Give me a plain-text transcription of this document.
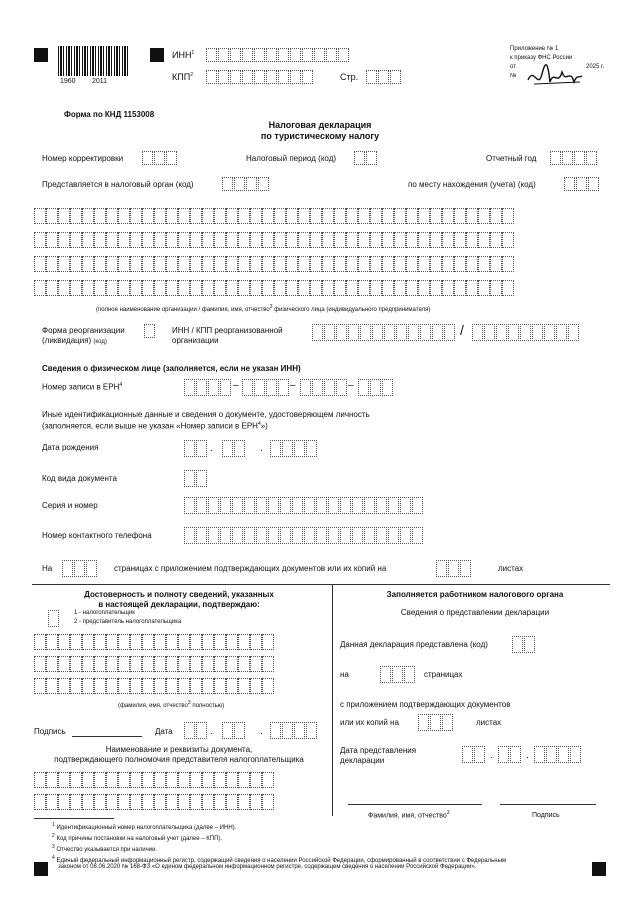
1960 2011
ИНН$^1$
КПП$^2$	Стр.
Приложение № 1
к приказу ФНС России
от	2025 г.
№
Форма по КНД 1153008
Налоговая декларация
по туристическому налогу
Номер корректировки	Налоговый период (код)	Отчетный год
Представляется в налоговый орган (код)	по месту нахождения (учета) (код)
(полное наименование организации / фамилия, имя, отчество$^3$ физического лица (индивидуального предпринимателя)
Форма реорганизации
(ликвидация) (код)
ИНН / КПП реорганизованной
организации
/
Сведения о физическом лице (заполняется, если не указан ИНН)
Номер записи в ЕРН$^4$	–	–	–
Иные идентификационные данные и сведения о документе, удостоверяющем личность
(заполняется, если выше не указан «Номер записи в ЕРН$^4$»)
Дата рождения	.	.
Код вида документа
Серия и номер
Номер контактного телефона
На	страницах с приложением подтверждающих документов или их копий на	листах
Достоверность и полноту сведений, указанных
в настоящей декларации, подтверждаю:
1 - налогоплательщик
2 - представитель налогоплательщика
(фамилия, имя, отчество$^3$ полностью)
Подпись	Дата	.	.
Наименование и реквизиты документа,
подтверждающего полномочия представителя налогоплательщика
Заполняется работником налогового органа
Сведения о представлении декларации
Данная декларация представлена (код)
на	страницах
с приложением подтверждающих документов
или их копий на	листах
Дата представления
декларации	.	.
Фамилия, имя, отчество$^3$	Подпись
$^1$ Идентификационный номер налогоплательщика (далее – ИНН).
$^2$ Код причины постановки на налоговый учет (далее – КПП).
$^3$ Отчество указывается при наличии.
$^4$ Единый федеральный информационный регистр, содержащий сведения о населении Российской Федерации, сформированный в соответствии с Федеральным
законом от 08.06.2020 № 168-ФЗ «О едином федеральном информационном регистре, содержащем сведения о населении Российской Федерации».
